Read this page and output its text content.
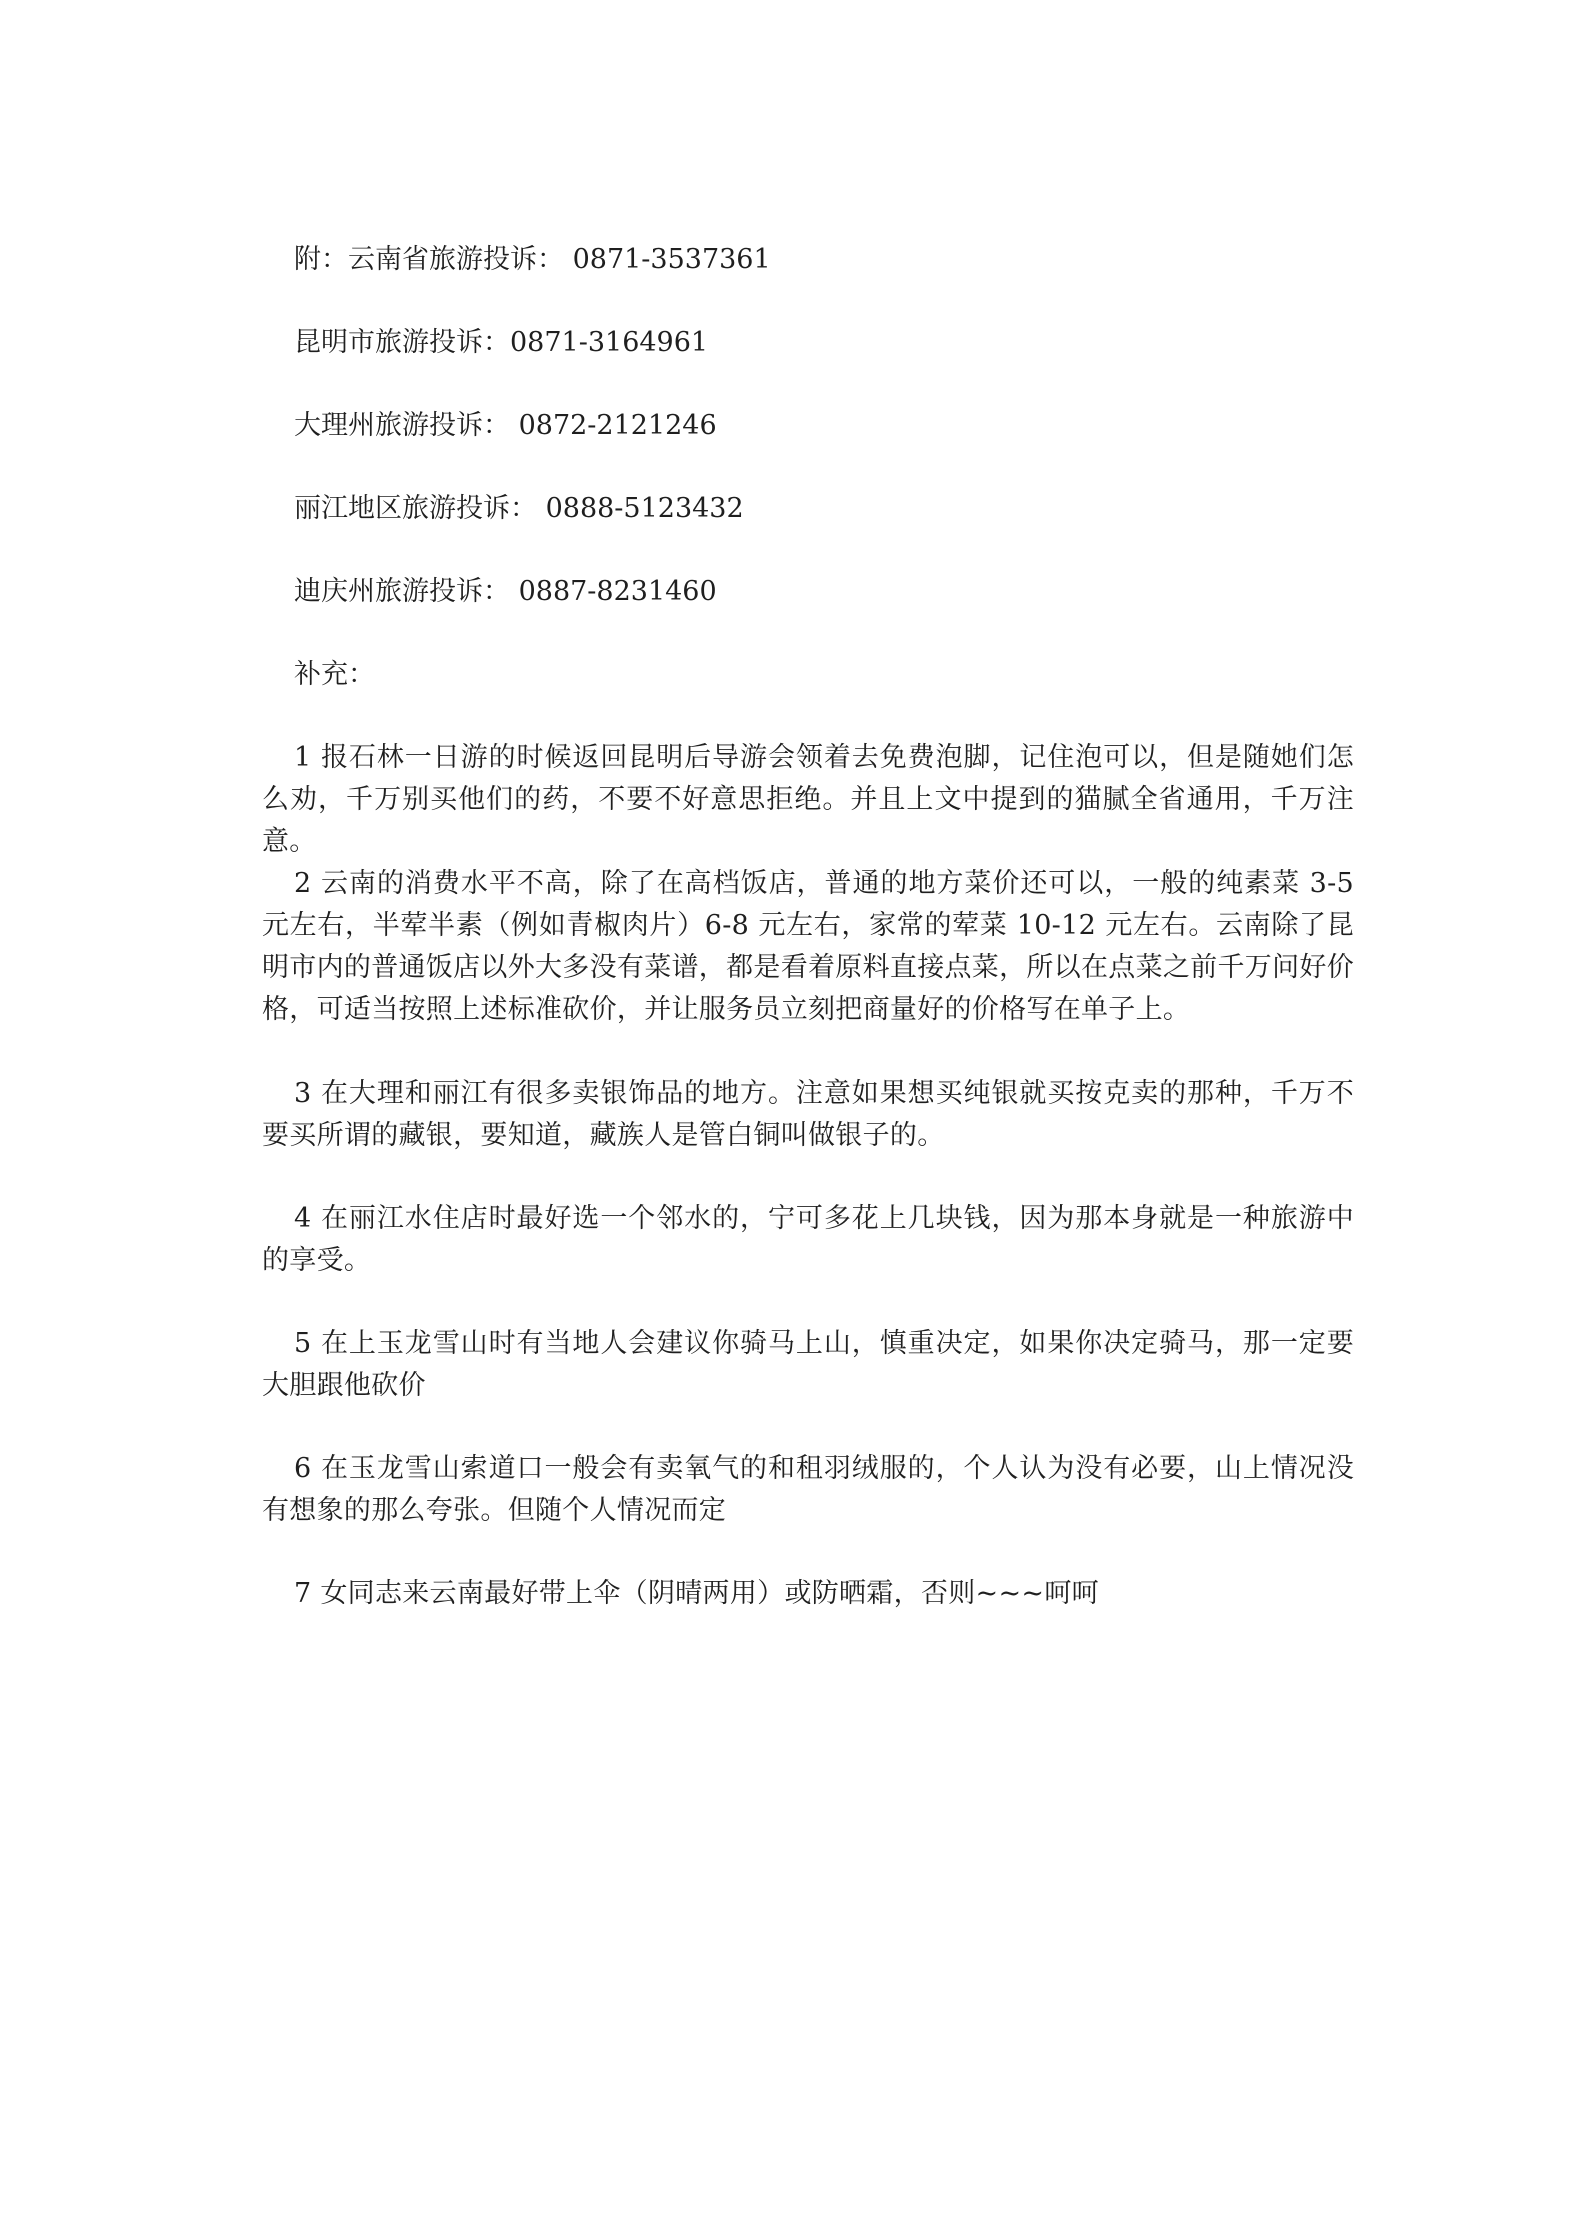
附：云南省旅游投诉： 0871-3537361
昆明市旅游投诉：0871-3164961
大理州旅游投诉： 0872-2121246
丽江地区旅游投诉： 0888-5123432
迪庆州旅游投诉： 0887-8231460
补充：
1 报石林一日游的时候返回昆明后导游会领着去免费泡脚，记住泡可以，但是随她们怎么劝，千万别买他们的药，不要不好意思拒绝。并且上文中提到的猫腻全省通用，千万注意。
2 云南的消费水平不高，除了在高档饭店，普通的地方菜价还可以，一般的纯素菜 3-5 元左右，半荤半素（例如青椒肉片）6-8 元左右，家常的荤菜 10-12 元左右。云南除了昆明市内的普通饭店以外大多没有菜谱，都是看着原料直接点菜，所以在点菜之前千万问好价格，可适当按照上述标准砍价，并让服务员立刻把商量好的价格写在单子上。
3 在大理和丽江有很多卖银饰品的地方。注意如果想买纯银就买按克卖的那种，千万不要买所谓的藏银，要知道，藏族人是管白铜叫做银子的。
4 在丽江水住店时最好选一个邻水的，宁可多花上几块钱，因为那本身就是一种旅游中的享受。
5 在上玉龙雪山时有当地人会建议你骑马上山，慎重决定，如果你决定骑马，那一定要大胆跟他砍价
6 在玉龙雪山索道口一般会有卖氧气的和租羽绒服的，个人认为没有必要，山上情况没有想象的那么夸张。但随个人情况而定
7 女同志来云南最好带上伞（阴晴两用）或防晒霜，否则~~~呵呵
